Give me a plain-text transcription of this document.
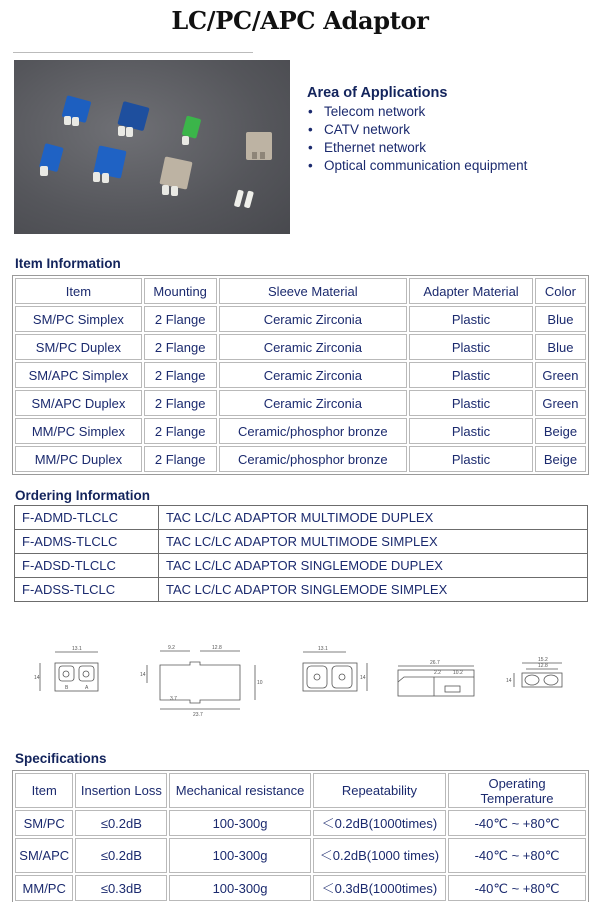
LC/PC/APC Adaptor
Area of Applications
• Telecom network
• CATV network
• Ethernet network
• Optical communication equipment
Item Information
Item	Mounting	Sleeve Material	Adapter Material	Color
SM/PC Simplex	2 Flange	Ceramic Zirconia	Plastic	Blue
SM/PC Duplex	2 Flange	Ceramic Zirconia	Plastic	Blue
SM/APC Simplex	2 Flange	Ceramic Zirconia	Plastic	Green
SM/APC Duplex	2 Flange	Ceramic Zirconia	Plastic	Green
MM/PC Simplex	2 Flange	Ceramic/phosphor bronze	Plastic	Beige
MM/PC Duplex	2 Flange	Ceramic/phosphor bronze	Plastic	Beige
Ordering Information
F-ADMD-TLCLC	TAC LC/LC ADAPTOR MULTIMODE DUPLEX
F-ADMS-TLCLC	TAC LC/LC ADAPTOR MULTIMODE SIMPLEX
F-ADSD-TLCLC	TAC LC/LC ADAPTOR SINGLEMODE DUPLEX
F-ADSS-TLCLC	TAC LC/LC ADAPTOR SINGLEMODE SIMPLEX
13.1
14
B	A
9.2	12.8
14
10
3.7
23.7
13.1
14
26.7
2.2 10.2
15.2
12.8
14
Specifications
Item	Insertion Loss	Mechanical resistance	Repeatability	Operating Temperature
SM/PC	≤0.2dB	100-300g	＜0.2dB(1000times)	-40℃ ~ +80℃
SM/APC	≤0.2dB	100-300g	＜0.2dB(1000 times)	-40℃ ~ +80℃
MM/PC	≤0.3dB	100-300g	＜0.3dB(1000times)	-40℃ ~ +80℃
